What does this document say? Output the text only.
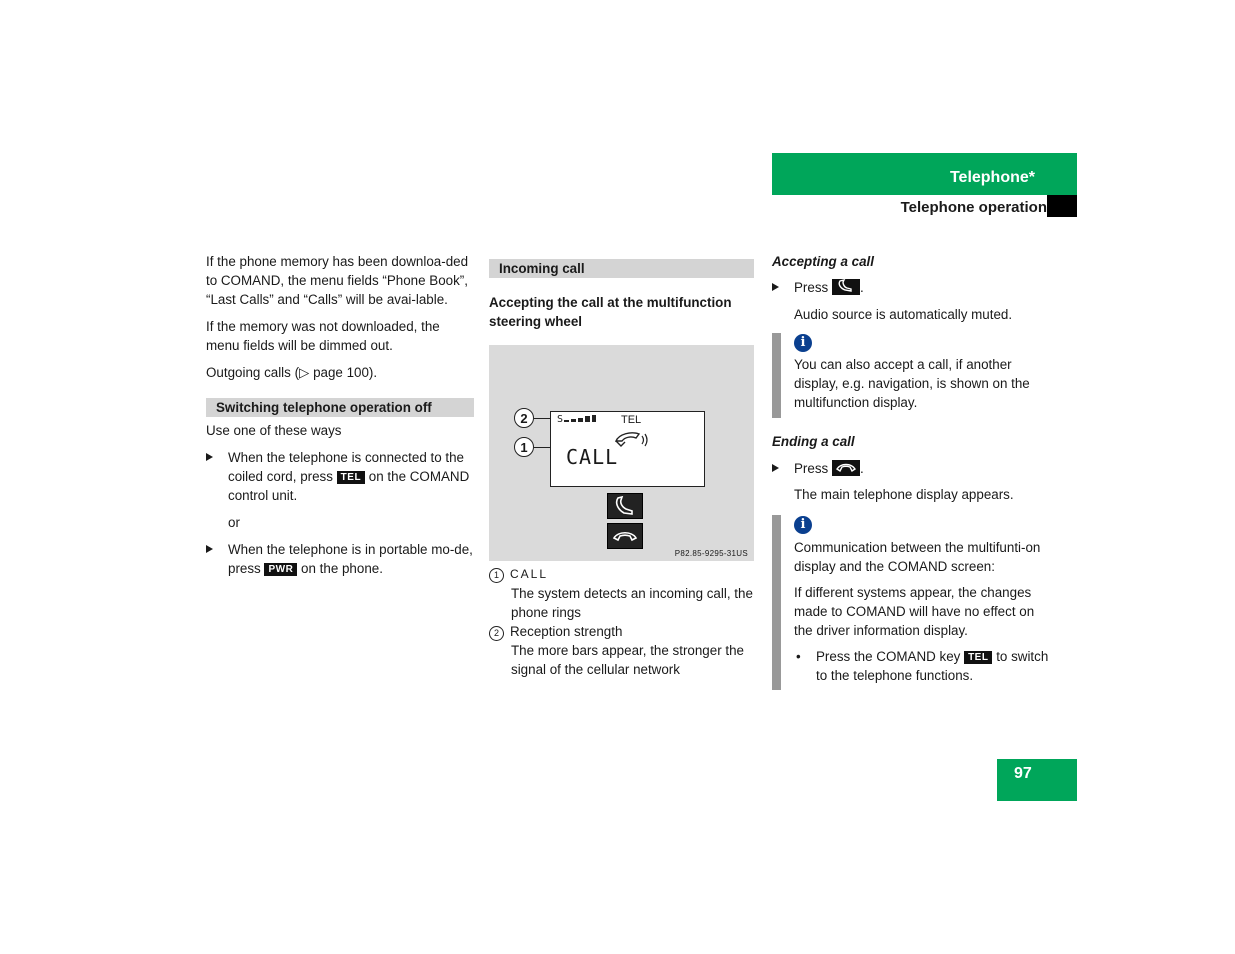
Telephone*
Telephone operation

If the phone memory has been downloa-ded to COMAND, the menu fields “Phone Book”, “Last Calls” and “Calls” will be avai-lable.

If the memory was not downloaded, the menu fields will be dimmed out.

Outgoing calls (▷ page 100).

Switching telephone operation off

Use one of these ways

When the telephone is connected to the coiled cord, press TEL on the COMAND control unit.

or

When the telephone is in portable mo-de, press PWR on the phone.

Incoming call
Accepting the call at the multifunction steering wheel
2
1
S	TEL
CALL
P82.85-9295-31US
1 CALL
The system detects an incoming call, the phone rings
2 Reception strength
The more bars appear, the stronger the signal of the cellular network

Accepting a call

Press .

Audio source is automatically muted.

i

You can also accept a call, if another display, e.g. navigation, is shown on the multifunction display.

Ending a call

Press .

The main telephone display appears.

i

Communication between the multifunti-on display and the COMAND screen:

If different systems appear, the changes made to COMAND will have no effect on the driver information display.

• Press the COMAND key TEL to switch to the telephone functions.

97
